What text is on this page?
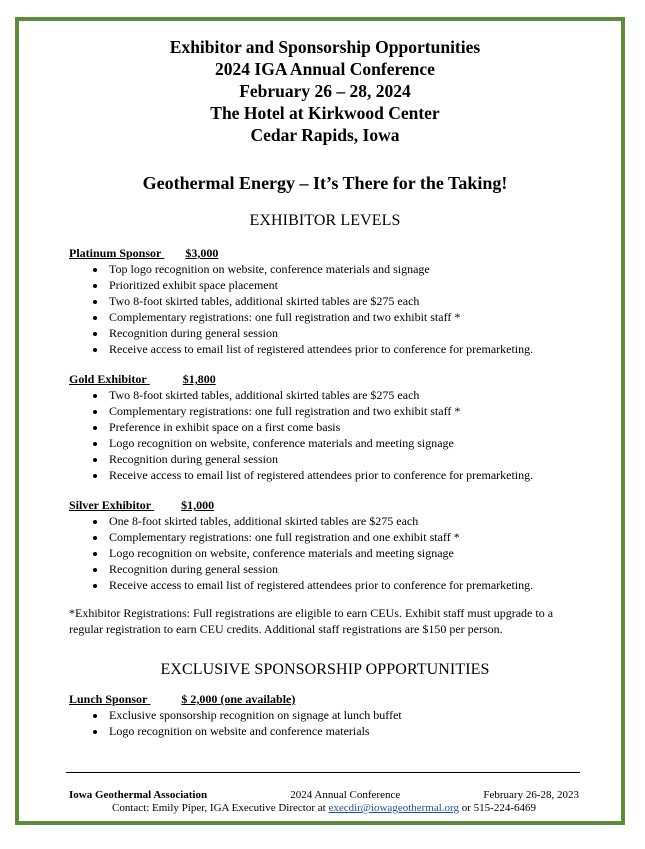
Exhibitor and Sponsorship Opportunities
2024 IGA Annual Conference
February 26 – 28, 2024
The Hotel at Kirkwood Center
Cedar Rapids, Iowa
Geothermal Energy – It’s There for the Taking!
EXHIBITOR LEVELS
Platinum Sponsor $3,000
• Top logo recognition on website, conference materials and signage
• Prioritized exhibit space placement
• Two 8-foot skirted tables, additional skirted tables are $275 each
• Complementary registrations: one full registration and two exhibit staff *
• Recognition during general session
• Receive access to email list of registered attendees prior to conference for premarketing.
Gold Exhibitor	$1,800
• Two 8-foot skirted tables, additional skirted tables are $275 each
• Complementary registrations: one full registration and two exhibit staff *
• Preference in exhibit space on a first come basis
• Logo recognition on website, conference materials and meeting signage
• Recognition during general session
• Receive access to email list of registered attendees prior to conference for premarketing.
Silver Exhibitor	$1,000
• One 8-foot skirted tables, additional skirted tables are $275 each
• Complementary registrations: one full registration and one exhibit staff *
• Logo recognition on website, conference materials and meeting signage
• Recognition during general session
• Receive access to email list of registered attendees prior to conference for premarketing.
*Exhibitor Registrations: Full registrations are eligible to earn CEUs. Exhibit staff must upgrade to a regular registration to earn CEU credits. Additional staff registrations are $150 per person.
EXCLUSIVE SPONSORSHIP OPPORTUNITIES
Lunch Sponsor	$ 2,000 (one available)
• Exclusive sponsorship recognition on signage at lunch buffet
• Logo recognition on website and conference materials
Iowa Geothermal Association	2024 Annual Conference	February 26-28, 2023
Contact: Emily Piper, IGA Executive Director at execdir@iowageothermal.org or 515-224-6469
